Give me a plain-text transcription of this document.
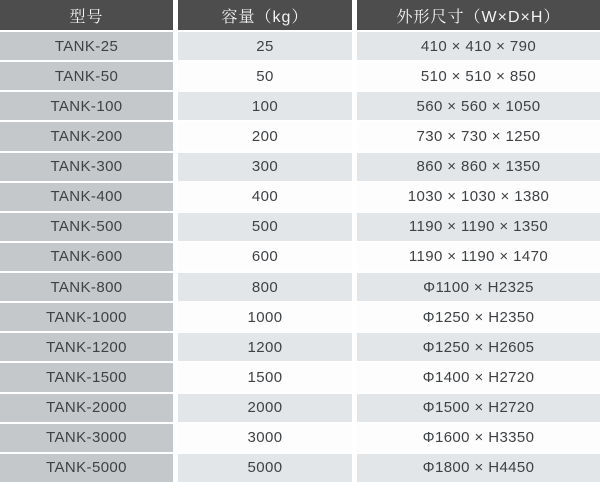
型号	容量（kg）	外形尺寸（W×D×H）
TANK-25	25	410 × 410 × 790
TANK-50	50	510 × 510 × 850
TANK-100	100	560 × 560 × 1050
TANK-200	200	730 × 730 × 1250
TANK-300	300	860 × 860 × 1350
TANK-400	400	1030 × 1030 × 1380
TANK-500	500	1190 × 1190 × 1350
TANK-600	600	1190 × 1190 × 1470
TANK-800	800	Φ1100 × H2325
TANK-1000	1000	Φ1250 × H2350
TANK-1200	1200	Φ1250 × H2605
TANK-1500	1500	Φ1400 × H2720
TANK-2000	2000	Φ1500 × H2720
TANK-3000	3000	Φ1600 × H3350
TANK-5000	5000	Φ1800 × H4450
